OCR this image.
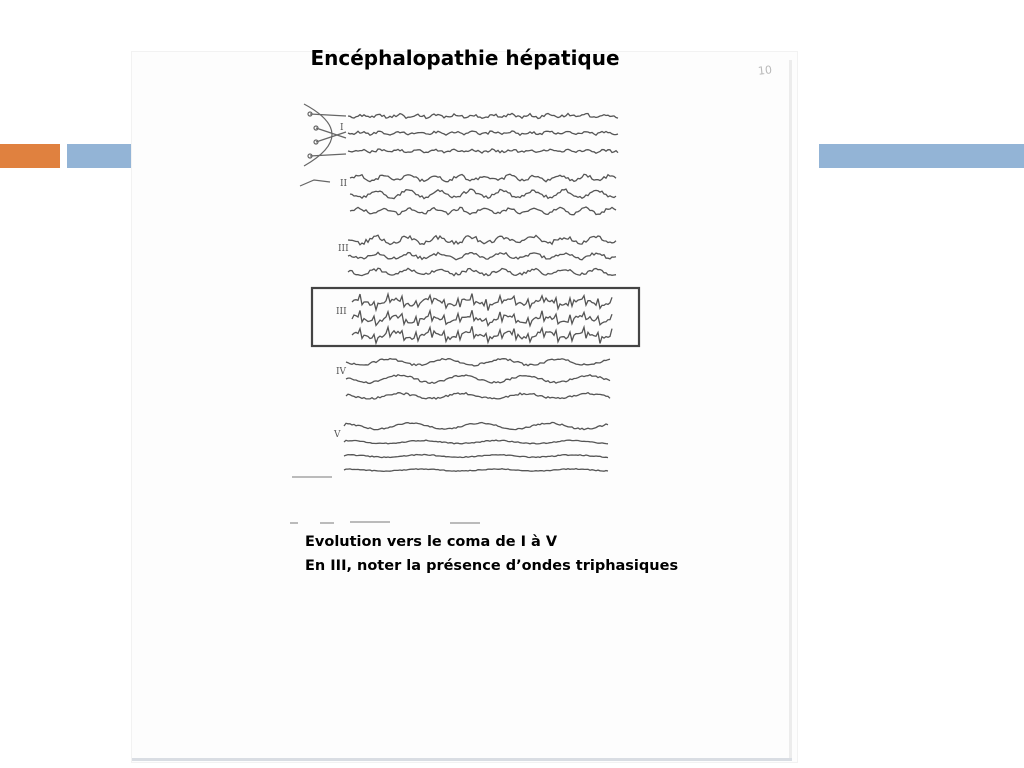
10
Encéphalopathie hépatique
I
II
III
III
IV
V
Evolution vers le coma de I à V
En III, noter la présence d’ondes triphasiques
